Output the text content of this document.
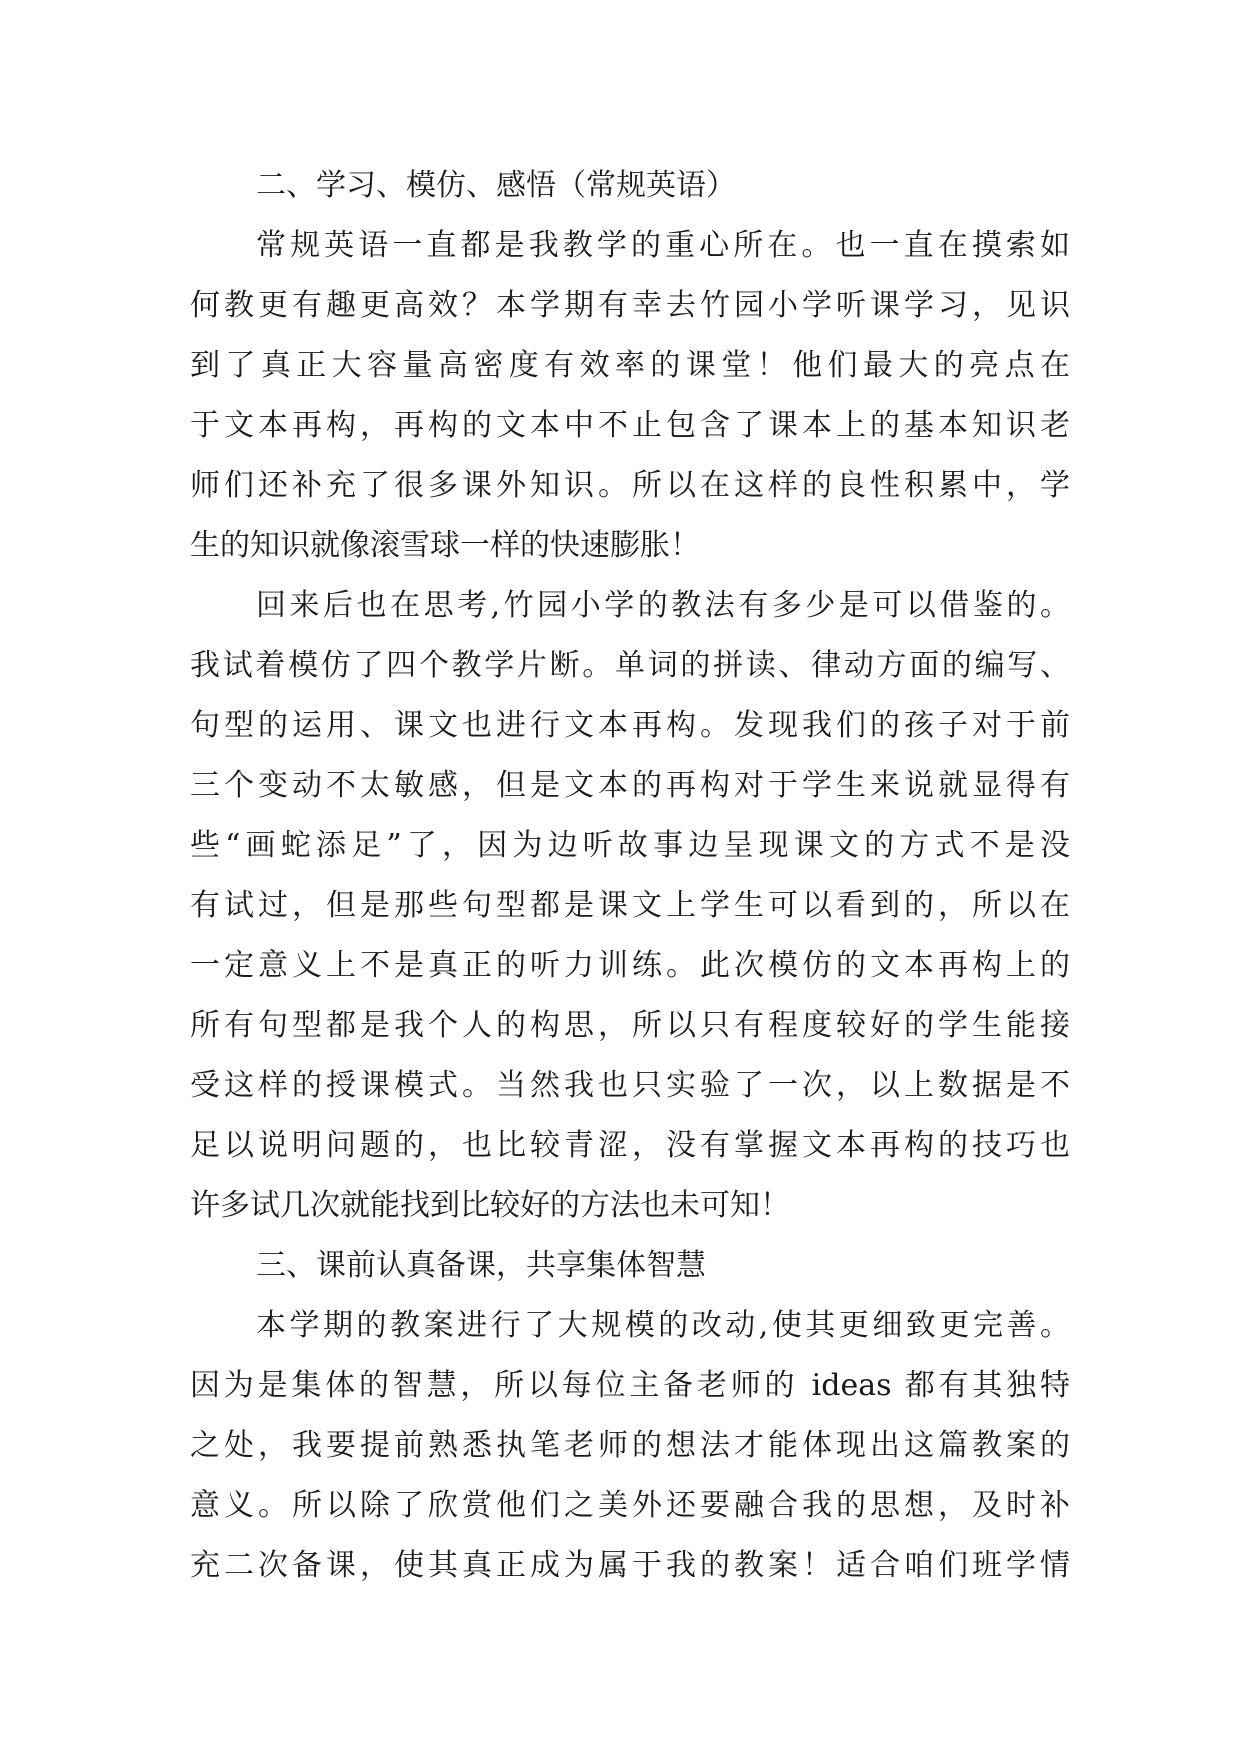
二、学习、模仿、感悟（常规英语）
常规英语一直都是我教学的重心所在。也一直在摸索如
何教更有趣更高效？本学期有幸去竹园小学听课学习，见识
到了真正大容量高密度有效率的课堂！他们最大的亮点在
于文本再构，再构的文本中不止包含了课本上的基本知识老
师们还补充了很多课外知识。所以在这样的良性积累中，学
生的知识就像滚雪球一样的快速膨胀！
回来后也在思考,竹园小学的教法有多少是可以借鉴的。
我试着模仿了四个教学片断。单词的拼读、律动方面的编写、
句型的运用、课文也进行文本再构。发现我们的孩子对于前
三个变动不太敏感，但是文本的再构对于学生来说就显得有
些“画蛇添足”了，因为边听故事边呈现课文的方式不是没
有试过，但是那些句型都是课文上学生可以看到的，所以在
一定意义上不是真正的听力训练。此次模仿的文本再构上的
所有句型都是我个人的构思，所以只有程度较好的学生能接
受这样的授课模式。当然我也只实验了一次，以上数据是不
足以说明问题的，也比较青涩，没有掌握文本再构的技巧也
许多试几次就能找到比较好的方法也未可知！
三、课前认真备课，共享集体智慧
本学期的教案进行了大规模的改动,使其更细致更完善。
因为是集体的智慧，所以每位主备老师的 ideas 都有其独特
之处，我要提前熟悉执笔老师的想法才能体现出这篇教案的
意义。所以除了欣赏他们之美外还要融合我的思想，及时补
充二次备课，使其真正成为属于我的教案！适合咱们班学情
